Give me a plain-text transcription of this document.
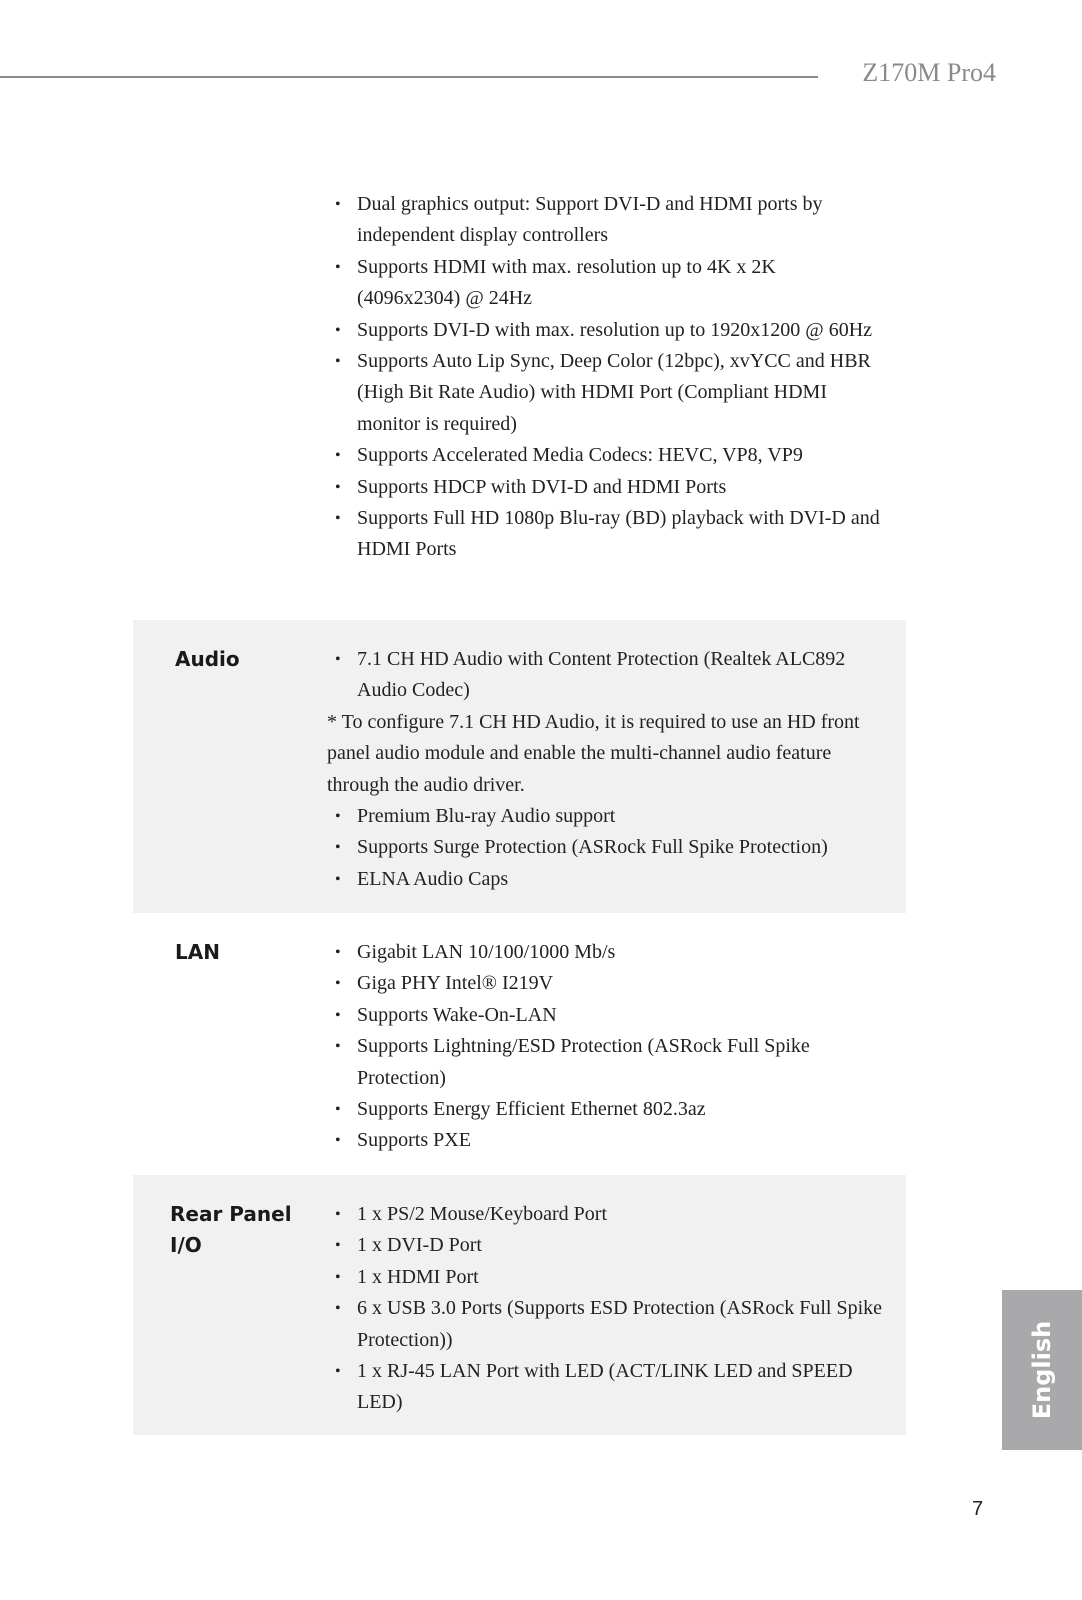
Z170M Pro4
• Dual graphics output: Support DVI-D and HDMI ports by independent display controllers
• Supports HDMI with max. resolution up to 4K x 2K (4096x2304) @ 24Hz
• Supports DVI-D with max. resolution up to 1920x1200 @ 60Hz
• Supports Auto Lip Sync, Deep Color (12bpc), xvYCC and HBR (High Bit Rate Audio) with HDMI Port (Compliant HDMI monitor is required)
• Supports Accelerated Media Codecs: HEVC, VP8, VP9
• Supports HDCP with DVI-D and HDMI Ports
• Supports Full HD 1080p Blu-ray (BD) playback with DVI-D and HDMI Ports
Audio	• 7.1 CH HD Audio with Content Protection (Realtek ALC892 Audio Codec)

* To configure 7.1 CH HD Audio, it is required to use an HD front panel audio module and enable the multi-channel audio feature through the audio driver.

• Premium Blu-ray Audio support
• Supports Surge Protection (ASRock Full Spike Protection)
• ELNA Audio Caps
LAN	• Gigabit LAN 10/100/1000 Mb/s
• Giga PHY Intel® I219V
• Supports Wake-On-LAN
• Supports Lightning/ESD Protection (ASRock Full Spike Protection)
• Supports Energy Efficient Ethernet 802.3az
• Supports PXE
Rear Panel
I/O
• 1 x PS/2 Mouse/Keyboard Port
• 1 x DVI-D Port
• 1 x HDMI Port
• 6 x USB 3.0 Ports (Supports ESD Protection (ASRock Full Spike Protection))
• 1 x RJ-45 LAN Port with LED (ACT/LINK LED and SPEED LED)	English
7
